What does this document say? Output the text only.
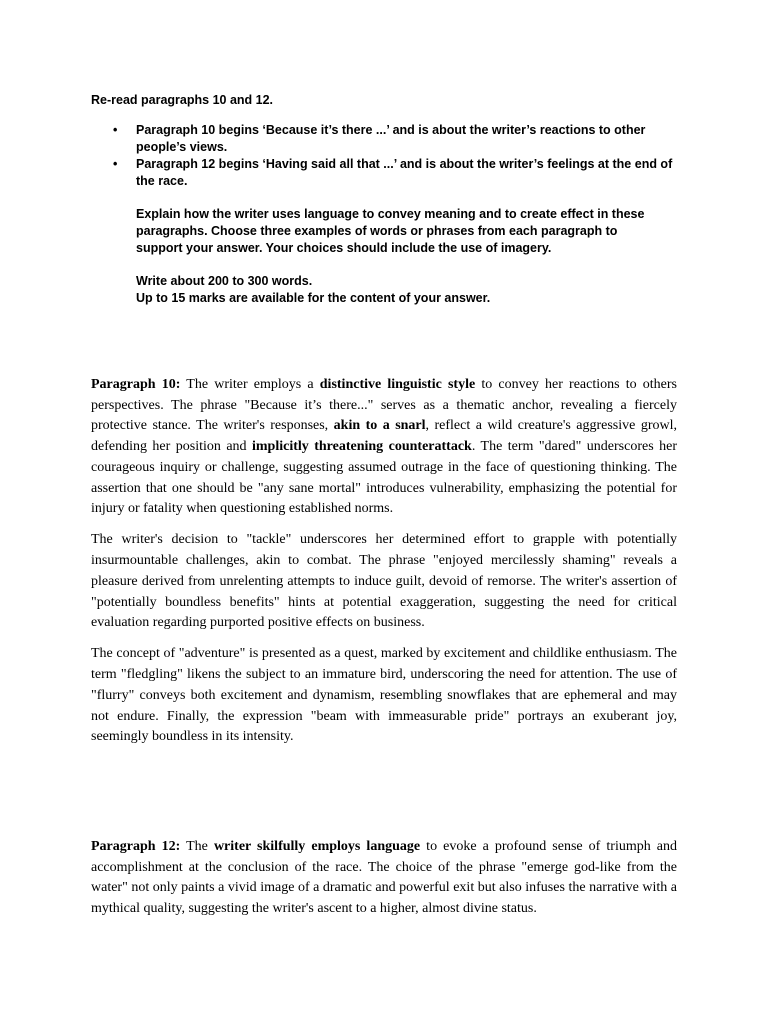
Re-read paragraphs 10 and 12.
• Paragraph 10 begins ‘Because it’s there ...’ and is about the writer’s reactions to other people’s views.
• Paragraph 12 begins ‘Having said all that ...’ and is about the writer’s feelings at the end of the race.
Explain how the writer uses language to convey meaning and to create effect in these paragraphs. Choose three examples of words or phrases from each paragraph to support your answer. Your choices should include the use of imagery.
Write about 200 to 300 words.
Up to 15 marks are available for the content of your answer.

Paragraph 10: The writer employs a distinctive linguistic style to convey her reactions to others perspectives. The phrase "Because it’s there..." serves as a thematic anchor, revealing a fiercely protective stance. The writer's responses, akin to a snarl, reflect a wild creature's aggressive growl, defending her position and implicitly threatening counterattack. The term "dared" underscores her courageous inquiry or challenge, suggesting assumed outrage in the face of questioning thinking. The assertion that one should be "any sane mortal" introduces vulnerability, emphasizing the potential for injury or fatality when questioning established norms.

The writer's decision to "tackle" underscores her determined effort to grapple with potentially insurmountable challenges, akin to combat. The phrase "enjoyed mercilessly shaming" reveals a pleasure derived from unrelenting attempts to induce guilt, devoid of remorse. The writer's assertion of "potentially boundless benefits" hints at potential exaggeration, suggesting the need for critical evaluation regarding purported positive effects on business.

The concept of "adventure" is presented as a quest, marked by excitement and childlike enthusiasm. The term "fledgling" likens the subject to an immature bird, underscoring the need for attention. The use of "flurry" conveys both excitement and dynamism, resembling snowflakes that are ephemeral and may not endure. Finally, the expression "beam with immeasurable pride" portrays an exuberant joy, seemingly boundless in its intensity.

Paragraph 12: The writer skilfully employs language to evoke a profound sense of triumph and accomplishment at the conclusion of the race. The choice of the phrase "emerge god-like from the water" not only paints a vivid image of a dramatic and powerful exit but also infuses the narrative with a mythical quality, suggesting the writer's ascent to a higher, almost divine status.
